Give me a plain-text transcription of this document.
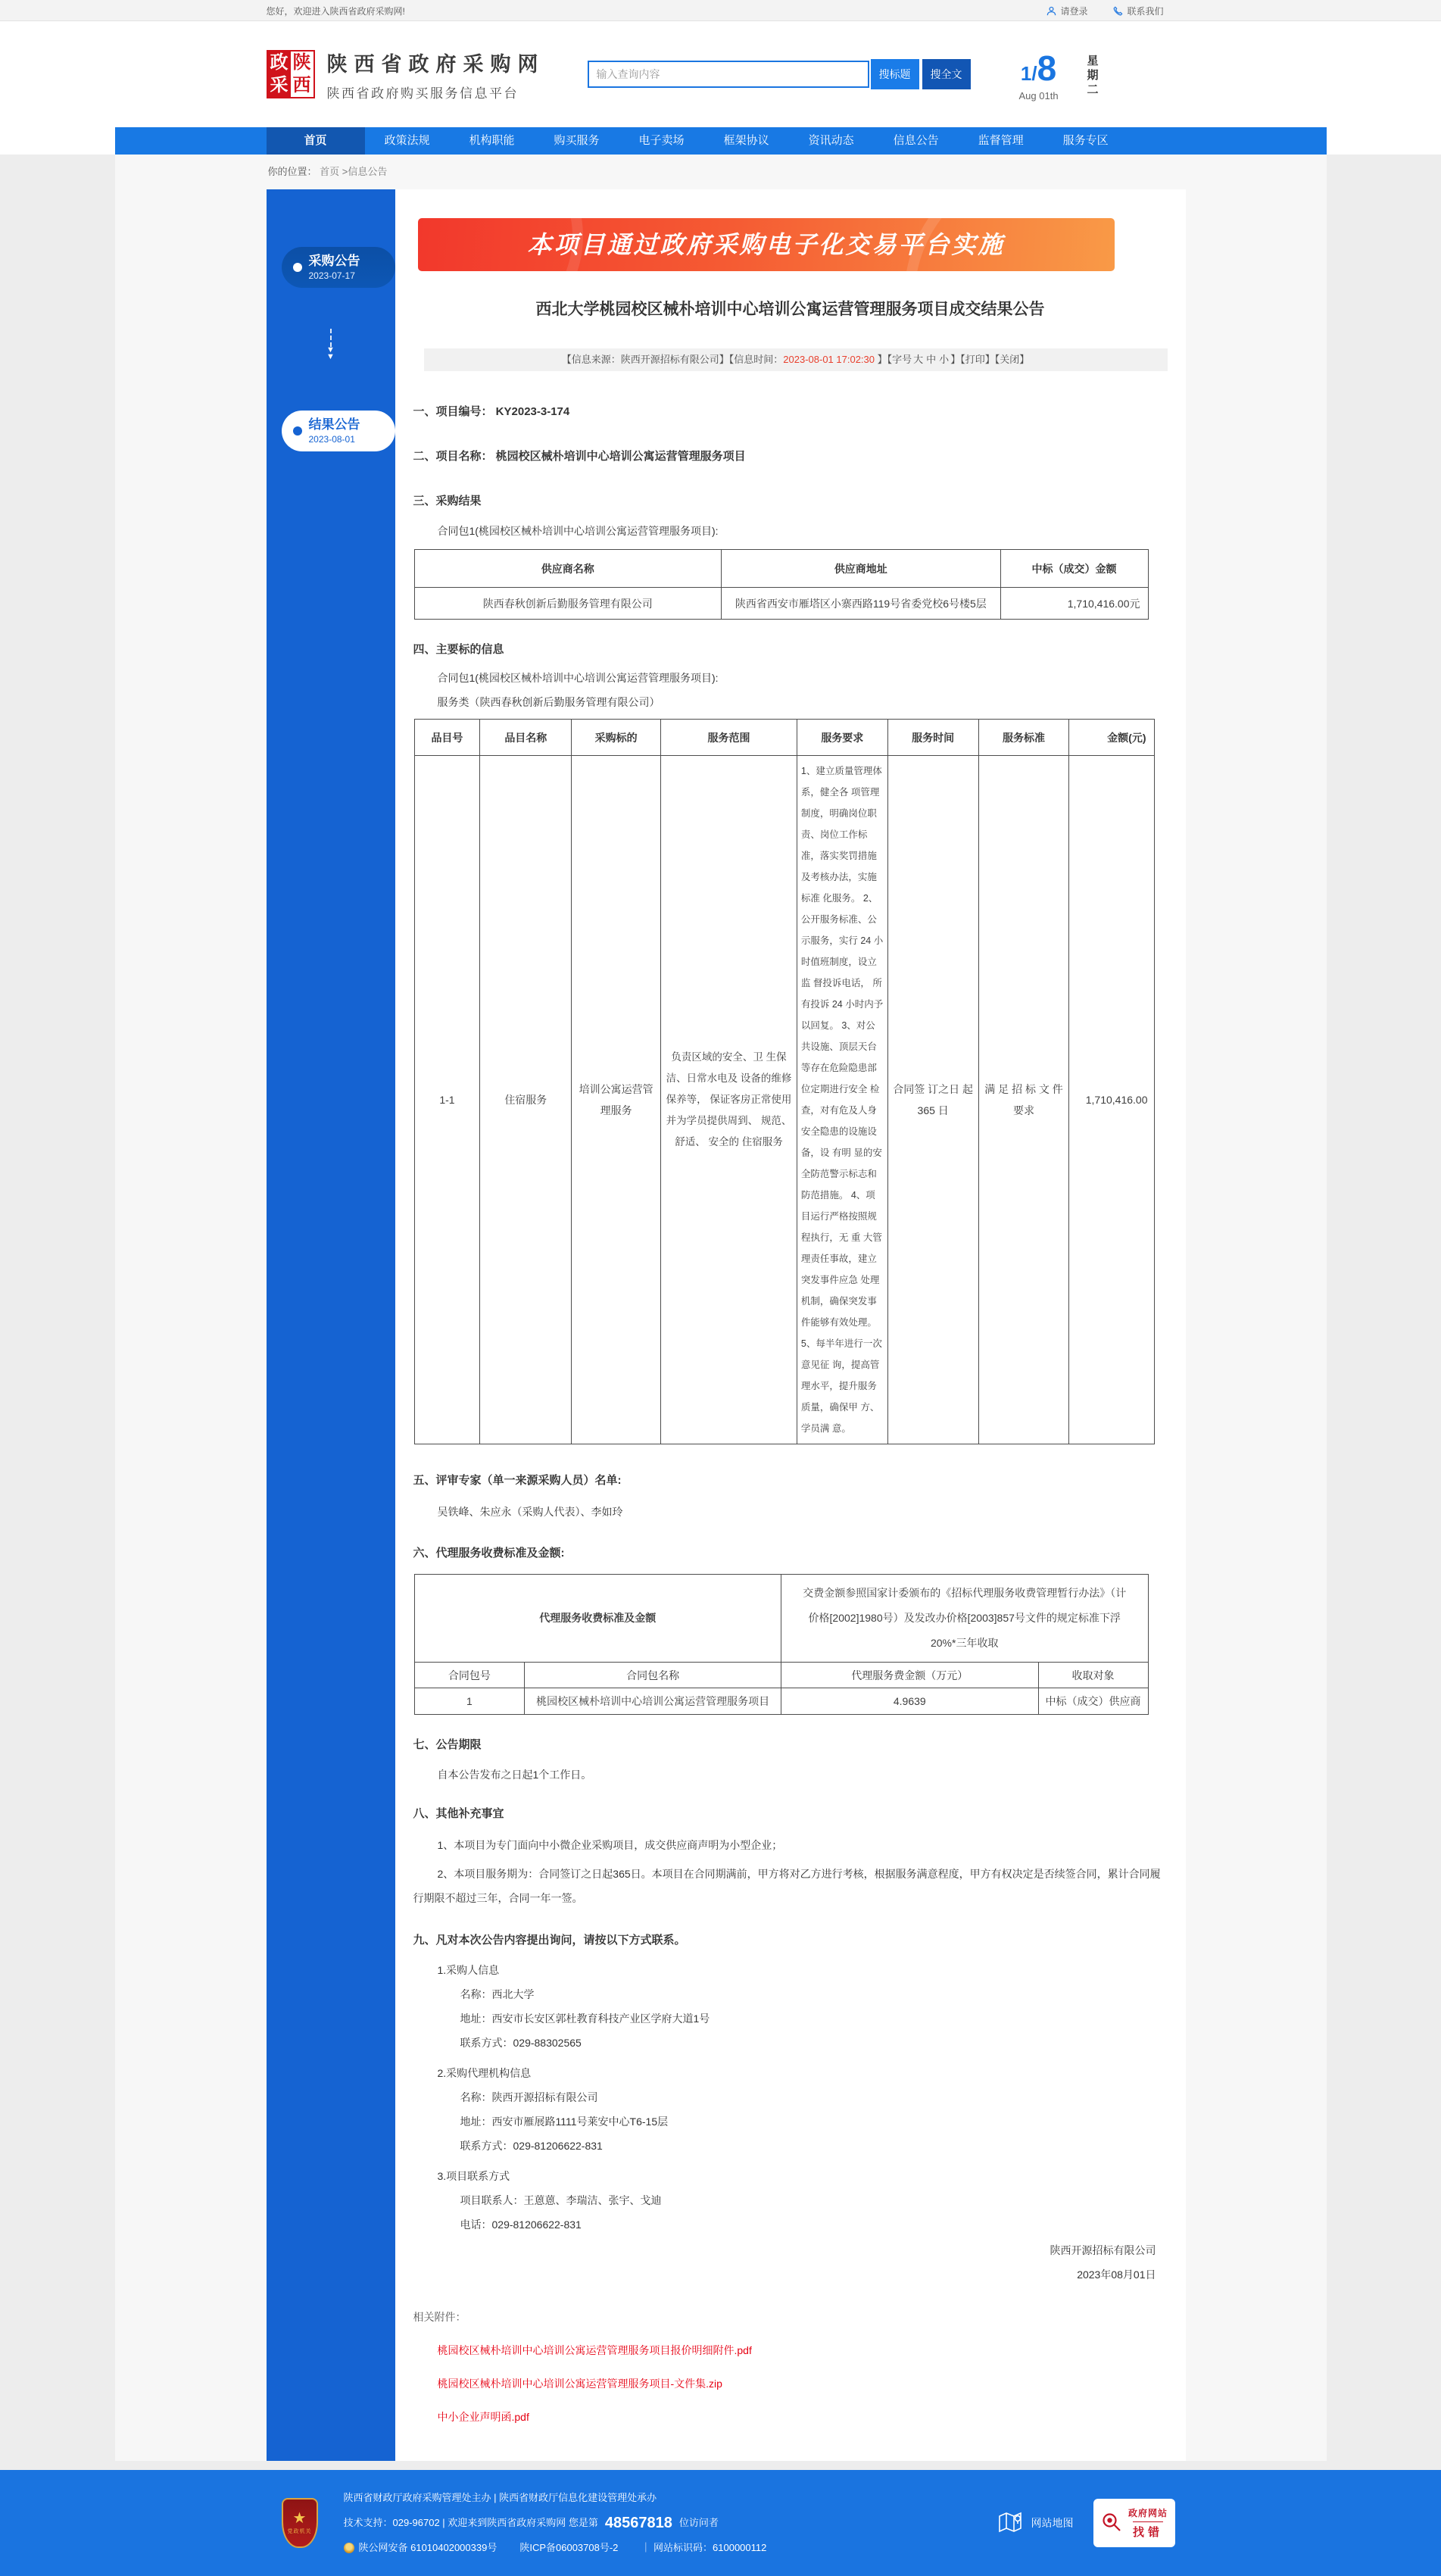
您好，欢迎进入陕西省政府采购网!	请登录	联系我们
政
采
陕
西
陕西省政府采购网
陕西省政府购买服务信息平台
输入查询内容
搜标题	搜全文	1/8
Aug 01th
星
期
二
首页	政策法规	机构职能	购买服务	电子卖场	框架协议	资讯动态	信息公告	监督管理	服务专区
你的位置： 首页 >信息公告
采购公告
2023-07-17
▼
▼
结果公告
2023-08-01
本项目通过政府采购电子化交易平台实施
西北大学桃园校区械朴培训中心培训公寓运营管理服务项目成交结果公告
【信息来源：陕西开源招标有限公司】【信息时间：2023-08-01 17:02:30 】【字号 大 中 小 】【打印】【关闭】
一、项目编号： KY2023-3-174
二、项目名称： 桃园校区械朴培训中心培训公寓运营管理服务项目
三、采购结果

合同包1(桃园校区械朴培训中心培训公寓运营管理服务项目):

供应商名称	供应商地址	中标（成交）金额
陕西春秋创新后勤服务管理有限公司	陕西省西安市雁塔区小寨西路119号省委党校6号楼5层	1,710,416.00元
四、主要标的信息

合同包1(桃园校区械朴培训中心培训公寓运营管理服务项目):

服务类（陕西春秋创新后勤服务管理有限公司）

品目号	品目名称	采购标的	服务范围	服务要求	服务时间	服务标准	金额(元)
1-1	住宿服务	培训公寓运营管理服务	负责区域的安全、卫 生保洁、日常水电及 设备的维修保养等， 保证客房正常使用 并为学员提供周到、 规范、舒适、 安全的 住宿服务	1、建立质量管理体系，健全各 项管理 制度，明确岗位职责、岗位工作标准，落实奖罚措施及考核办法，实施 标准 化服务。 2、公开服务标准、公示服务，实行 24 小时值班制度，设立监 督投诉电话， 所有投诉 24 小时内予以回复。 3、对公共设施、顶层天台等存在危险隐患部位定期进行安全 检查，对有危及人身安全隐患的设施设备，设 有明 显的安全防范警示标志和防范措施。 4、项目运行严格按照规程执行，无 重 大管理责任事故，建立突发事件应急 处理机制，确保突发事件能够有效处理。 5、每半年进行一次意见征 询，提高管 理水平，提升服务质量，确保甲 方、 学员满 意。	合同签 订之日 起 365 日	满 足 招 标 文 件 要求	1,710,416.00
五、评审专家（单一来源采购人员）名单:

吴铁峰、朱应永（采购人代表）、李如玲

六、代理服务收费标准及金额:
代理服务收费标准及金额		交费金额参照国家计委颁布的《招标代理服务收费管理暂行办法》（计价格[2002]1980号）及发改办价格[2003]857号文件的规定标准下浮20%*三年收取	
合同包号	合同包名称	代理服务费金额（万元）	收取对象
1	桃园校区械朴培训中心培训公寓运营管理服务项目	4.9639	中标（成交）供应商
七、公告期限

自本公告发布之日起1个工作日。

八、其他补充事宜

1、本项目为专门面向中小微企业采购项目，成交供应商声明为小型企业；

2、本项目服务期为：合同签订之日起365日。本项目在合同期满前，甲方将对乙方进行考核，根据服务满意程度，甲方有权决定是否续签合同，累计合同履行期限不超过三年，合同一年一签。

九、凡对本次公告内容提出询问，请按以下方式联系。

1.采购人信息

名称：西北大学

地址：西安市长安区郭杜教育科技产业区学府大道1号

联系方式：029-88302565

2.采购代理机构信息

名称：陕西开源招标有限公司

地址：西安市雁展路1111号莱安中心T6-15层

联系方式：029-81206622-831

3.项目联系方式

项目联系人：王蒽蒽、李瑞洁、张宇、戈迪

电话：029-81206622-831

陕西开源招标有限公司

2023年08月01日

相关附件：

桃园校区械朴培训中心培训公寓运营管理服务项目报价明细附件.pdf
桃园校区械朴培训中心培训公寓运营管理服务项目-文件集.zip
中小企业声明函.pdf
★
党政机关
陕西省财政厅政府采购管理处主办 | 陕西省财政厅信息化建设管理处承办
技术支持：029-96702 | 欢迎来到陕西省政府采购网 您是第 48567818 位访问者
陕公网安备 61010402000339号 陕ICP备06003708号-2 ｜ 网站标识码：6100000112
网站地图
政府网站
找错
